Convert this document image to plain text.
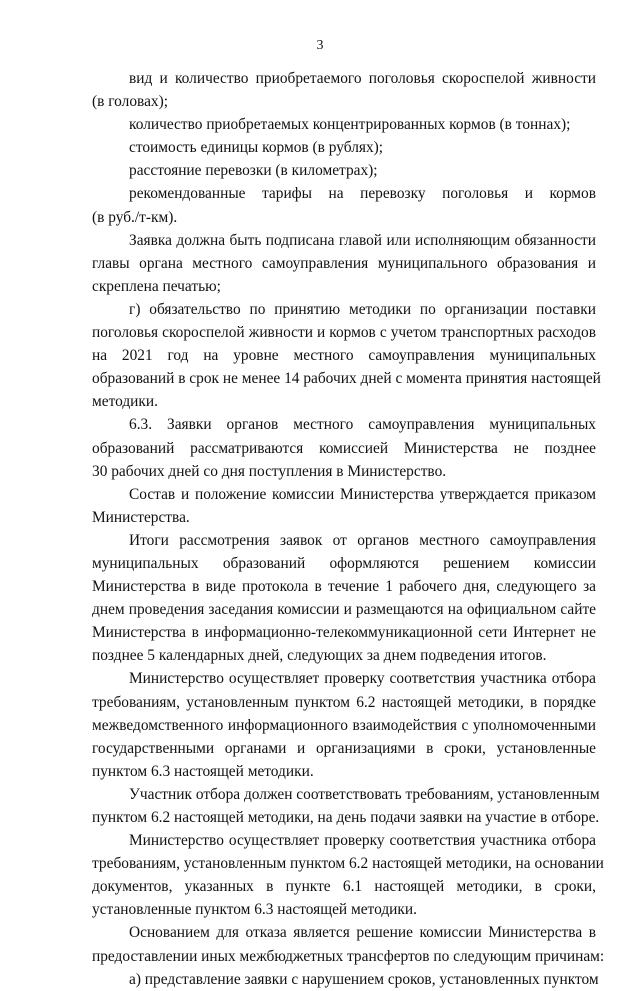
3
вид и количество приобретаемого поголовья скороспелой живности
(в головах);
количество приобретаемых концентрированных кормов (в тоннах);
стоимость единицы кормов (в рублях);
расстояние перевозки (в километрах);
рекомендованные тарифы на перевозку поголовья и кормов
(в руб./т-км).
Заявка должна быть подписана главой или исполняющим обязанности
главы органа местного самоуправления муниципального образования и
скреплена печатью;
г) обязательство по принятию методики по организации поставки
поголовья скороспелой живности и кормов с учетом транспортных расходов
на 2021 год на уровне местного самоуправления муниципальных
образований в срок не менее 14 рабочих дней с момента принятия настоящей
методики.
6.3. Заявки органов местного самоуправления муниципальных
образований рассматриваются комиссией Министерства не позднее
30 рабочих дней со дня поступления в Министерство.
Состав и положение комиссии Министерства утверждается приказом
Министерства.
Итоги рассмотрения заявок от органов местного самоуправления
муниципальных образований оформляются решением комиссии
Министерства в виде протокола в течение 1 рабочего дня, следующего за
днем проведения заседания комиссии и размещаются на официальном сайте
Министерства в информационно-телекоммуникационной сети Интернет не
позднее 5 календарных дней, следующих за днем подведения итогов.
Министерство осуществляет проверку соответствия участника отбора
требованиям, установленным пунктом 6.2 настоящей методики, в порядке
межведомственного информационного взаимодействия с уполномоченными
государственными органами и организациями в сроки, установленные
пунктом 6.3 настоящей методики.
Участник отбора должен соответствовать требованиям, установленным
пунктом 6.2 настоящей методики, на день подачи заявки на участие в отборе.
Министерство осуществляет проверку соответствия участника отбора
требованиям, установленным пунктом 6.2 настоящей методики, на основании
документов, указанных в пункте 6.1 настоящей методики, в сроки,
установленные пунктом 6.3 настоящей методики.
Основанием для отказа является решение комиссии Министерства в
предоставлении иных межбюджетных трансфертов по следующим причинам:
а) представление заявки с нарушением сроков, установленных пунктом
